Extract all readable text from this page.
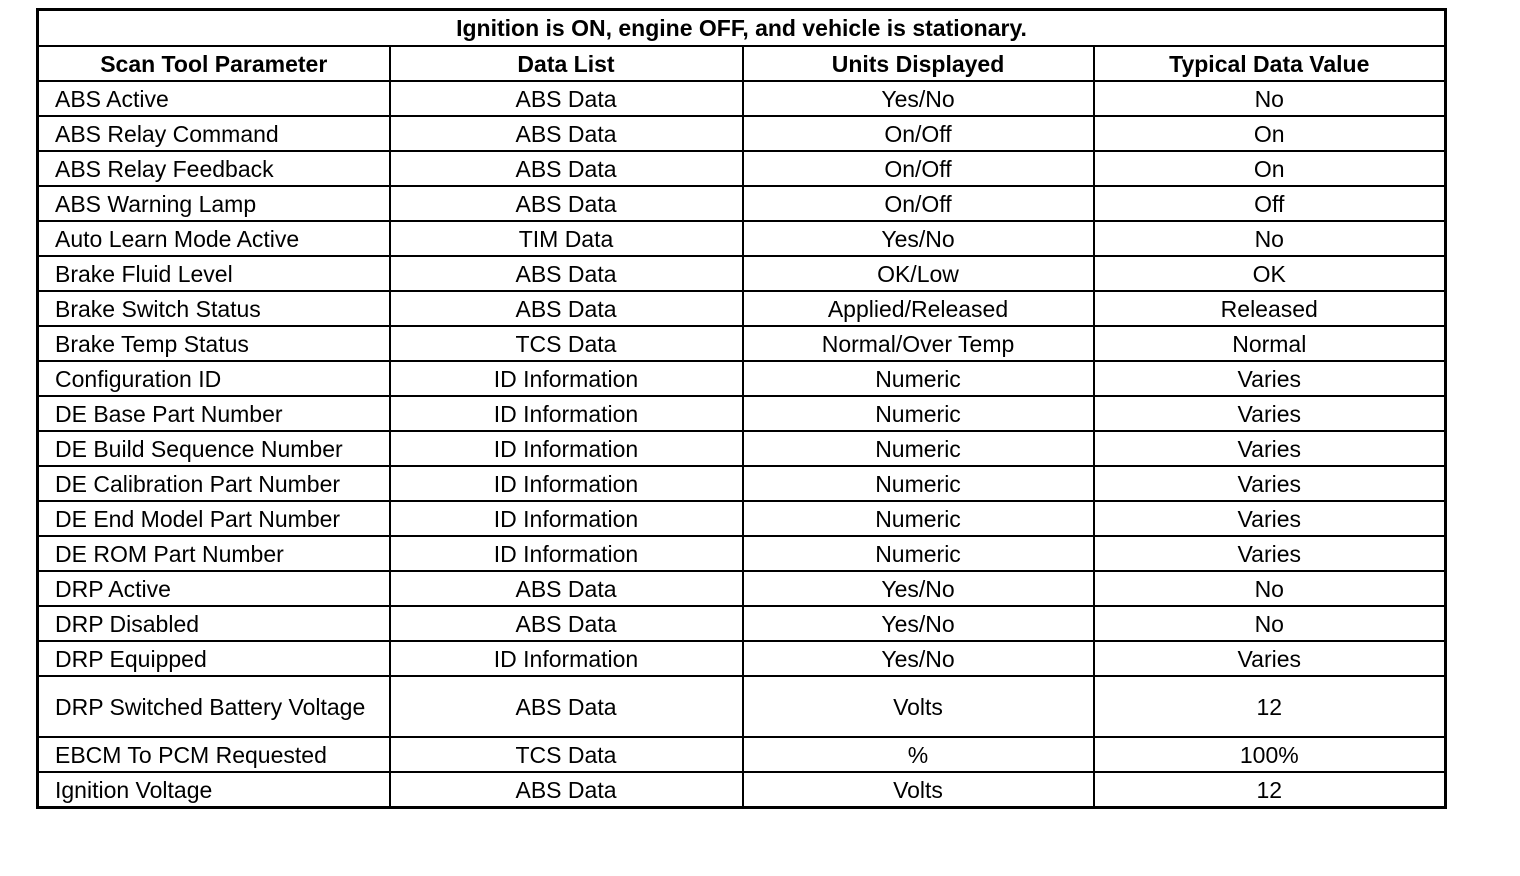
Ignition is ON, engine OFF, and vehicle is stationary.			
Scan Tool Parameter	Data List	Units Displayed	Typical Data Value
ABS Active	ABS Data	Yes/No	No
ABS Relay Command	ABS Data	On/Off	On
ABS Relay Feedback	ABS Data	On/Off	On
ABS Warning Lamp	ABS Data	On/Off	Off
Auto Learn Mode Active	TIM Data	Yes/No	No
Brake Fluid Level	ABS Data	OK/Low	OK
Brake Switch Status	ABS Data	Applied/Released	Released
Brake Temp Status	TCS Data	Normal/Over Temp	Normal
Configuration ID	ID Information	Numeric	Varies
DE Base Part Number	ID Information	Numeric	Varies
DE Build Sequence Number	ID Information	Numeric	Varies
DE Calibration Part Number	ID Information	Numeric	Varies
DE End Model Part Number	ID Information	Numeric	Varies
DE ROM Part Number	ID Information	Numeric	Varies
DRP Active	ABS Data	Yes/No	No
DRP Disabled	ABS Data	Yes/No	No
DRP Equipped	ID Information	Yes/No	Varies
DRP Switched Battery Voltage	ABS Data	Volts	12
EBCM To PCM Requested	TCS Data	%	100%
Ignition Voltage	ABS Data	Volts	12
